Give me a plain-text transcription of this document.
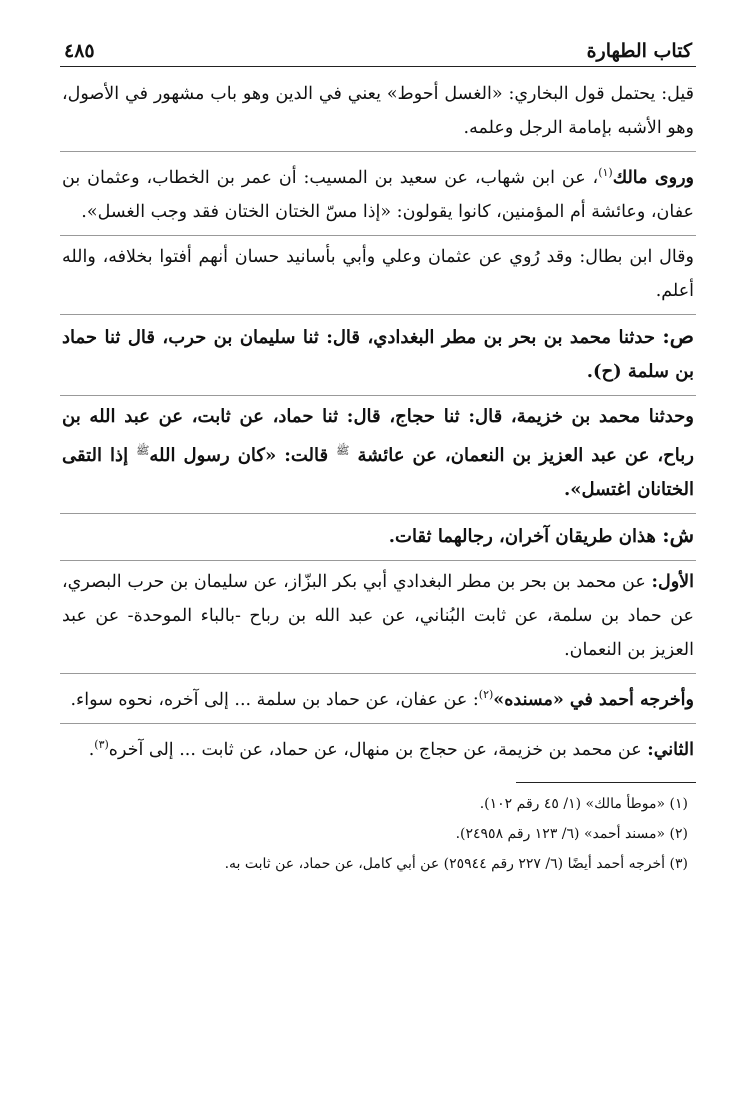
كتاب الطهارة
٤٨٥
قيل: يحتمل قول البخاري: «الغسل أحوط» يعني في الدين وهو باب مشهور في الأصول، وهو الأشبه بإمامة الرجل وعلمه.
وروى مالك$^{(١)}$، عن ابن شهاب، عن سعيد بن المسيب: أن عمر بن الخطاب، وعثمان بن عفان، وعائشة أم المؤمنين، كانوا يقولون: «إذا مسّ الختان الختان فقد وجب الغسل».
وقال ابن بطال: وقد رُوي عن عثمان وعلي وأبي بأسانيد حسان أنهم أفتوا بخلافه، والله أعلم.
ص: حدثنا محمد بن بحر بن مطر البغدادي، قال: ثنا سليمان بن حرب، قال ثنا حماد بن سلمة (ح).
وحدثنا محمد بن خزيمة، قال: ثنا حجاج، قال: ثنا حماد، عن ثابت، عن عبد الله بن رباح، عن عبد العزيز بن النعمان، عن عائشة $^ﷺ$ قالت: «كان رسول الله$^ﷺ$ إذا التقى الختانان اغتسل».
ش: هذان طريقان آخران، رجالهما ثقات.
الأول: عن محمد بن بحر بن مطر البغدادي أبي بكر البزّاز، عن سليمان بن حرب البصري، عن حماد بن سلمة، عن ثابت البُناني، عن عبد الله بن رباح -بالباء الموحدة- عن عبد العزيز بن النعمان.
وأخرجه أحمد في «مسنده»$^{(٢)}$: عن عفان، عن حماد بن سلمة ... إلى آخره، نحوه سواء.
الثاني: عن محمد بن خزيمة، عن حجاج بن منهال، عن حماد، عن ثابت ... إلى آخره$^{(٣)}$.
(١) «موطأ مالك» (١/ ٤٥ رقم ١٠٢).
(٢) «مسند أحمد» (٦/ ١٢٣ رقم ٢٤٩٥٨).
(٣) أخرجه أحمد أيضًا (٦/ ٢٢٧ رقم ٢٥٩٤٤) عن أبي كامل، عن حماد، عن ثابت به.
